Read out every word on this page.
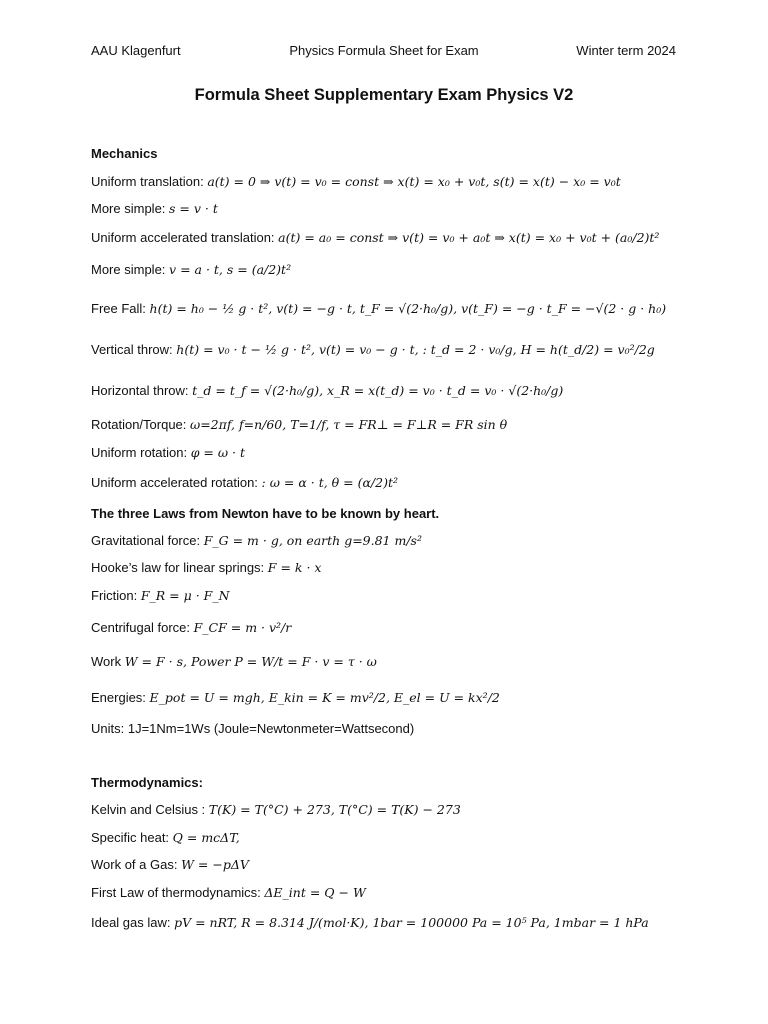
AAU Klagenfurt	Physics Formula Sheet for Exam	Winter term 2024
Formula Sheet Supplementary Exam Physics V2
Mechanics
Uniform translation: a(t) = 0 ⇒ v(t) = v₀ = const ⇒ x(t) = x₀ + v₀t, s(t) = x(t) − x₀ = v₀t
More simple: s = v · t
Uniform accelerated translation: a(t) = a₀ = const ⇒ v(t) = v₀ + a₀t ⇒ x(t) = x₀ + v₀t + (a₀/2)t²
More simple: v = a · t, s = (a/2)t²
Free Fall: h(t) = h₀ − ½ g · t², v(t) = −g · t, t_F = √(2·h₀/g), v(t_F) = −g · t_F = −√(2 · g · h₀)
Vertical throw: h(t) = v₀ · t − ½ g · t², v(t) = v₀ − g · t, : t_d = 2 · v₀/g, H = h(t_d/2) = v₀²/2g
Horizontal throw: t_d = t_f = √(2·h₀/g), x_R = x(t_d) = v₀ · t_d = v₀ · √(2·h₀/g)
Rotation/Torque: ω=2πf, f=n/60, T=1/f, τ = FR⊥ = F⊥R = FR sin θ
Uniform rotation: φ = ω · t
Uniform accelerated rotation: : ω = α · t, θ = (α/2)t²
The three Laws from Newton have to be known by heart.
Gravitational force: F_G = m · g, on earth g=9.81 m/s²
Hooke’s law for linear springs: F = k · x
Friction: F_R = μ · F_N
Centrifugal force: F_CF = m · v²/r
Work W = F · s, Power P = W/t = F · v = τ · ω
Energies: E_pot = U = mgh, E_kin = K = mv²/2, E_el = U = kx²/2
Units: 1J=1Nm=1Ws (Joule=Newtonmeter=Wattsecond)
Thermodynamics:
Kelvin and Celsius : T(K) = T(°C) + 273, T(°C) = T(K) − 273
Specific heat: Q = mcΔT,
Work of a Gas: W = −pΔV
First Law of thermodynamics: ΔE_int = Q − W
Ideal gas law: pV = nRT, R = 8.314 J/(mol·K), 1bar = 100000 Pa = 10⁵ Pa, 1mbar = 1 hPa
